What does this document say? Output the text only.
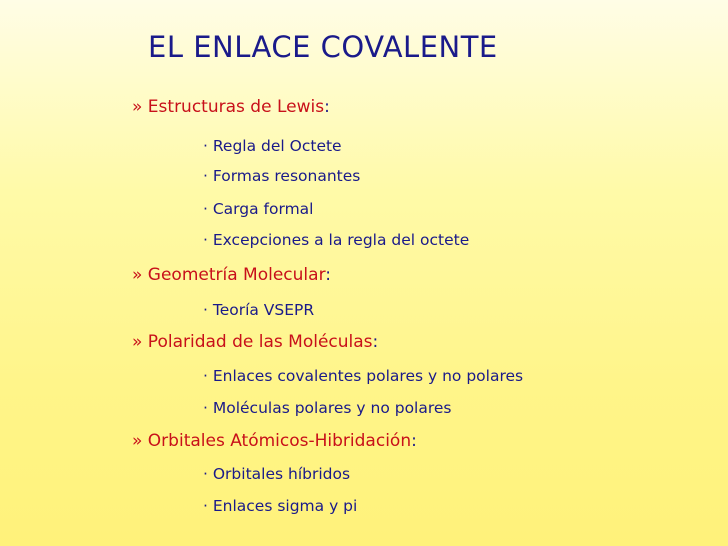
EL ENLACE COVALENTE
» Estructuras de Lewis:
· Regla del Octete
· Formas resonantes
· Carga formal
· Excepciones a la regla del octete
» Geometría Molecular:
· Teoría VSEPR
» Polaridad de las Moléculas:
· Enlaces covalentes polares y no polares
· Moléculas polares y no polares
» Orbitales Atómicos-Hibridación:
· Orbitales híbridos
· Enlaces sigma y pi
